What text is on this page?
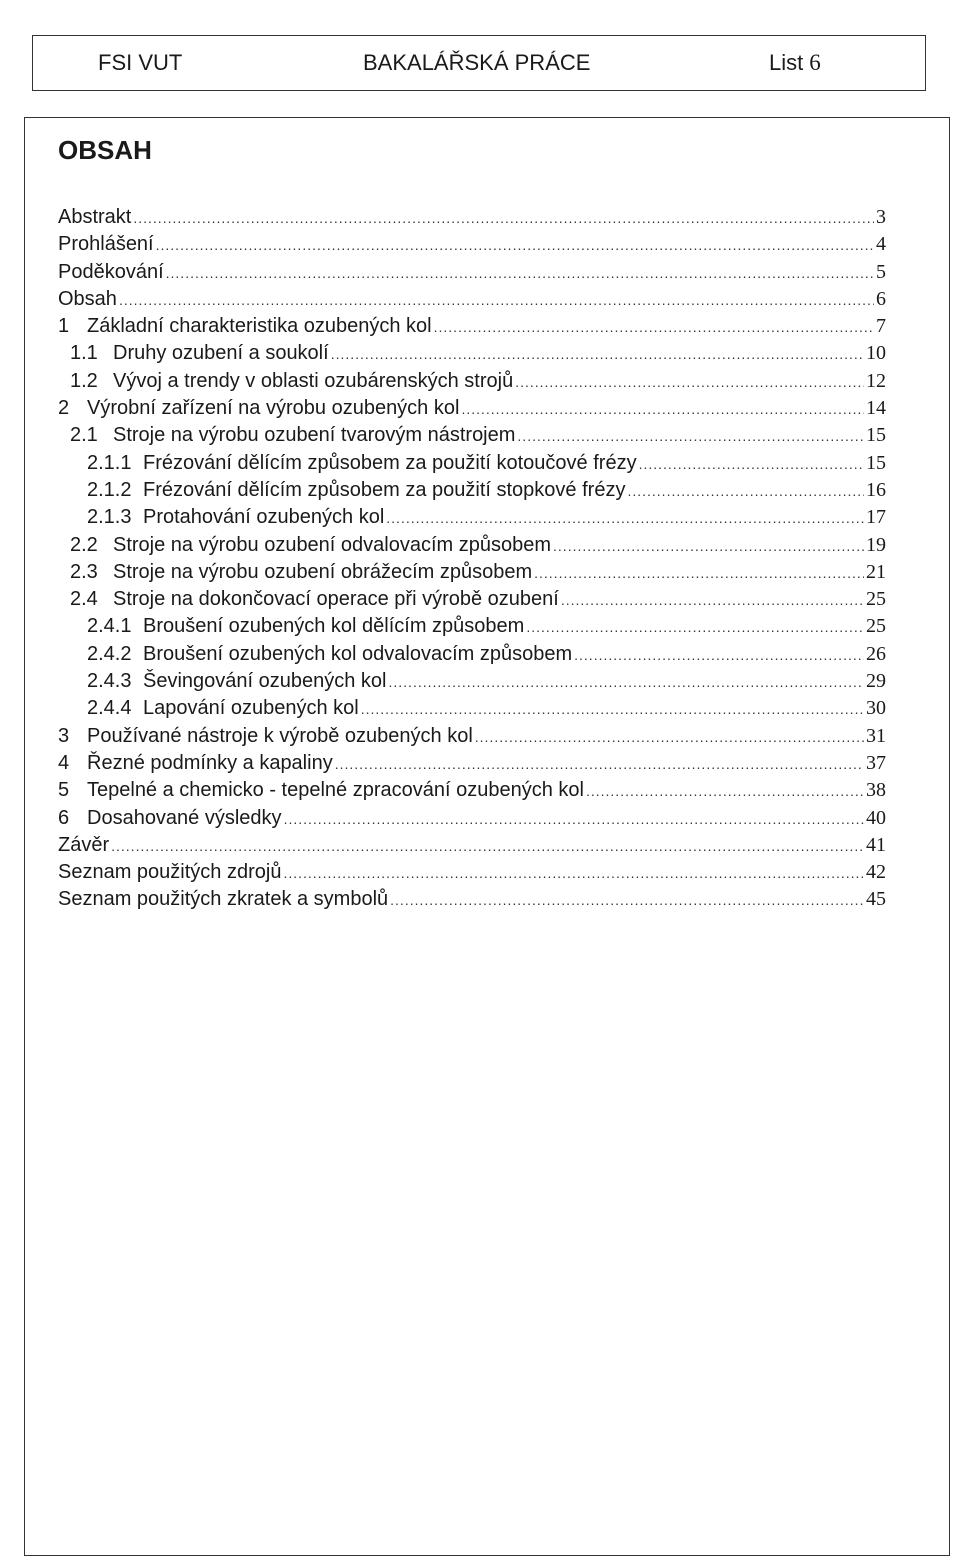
FSI VUT	BAKALÁŘSKÁ PRÁCE	List 6
OBSAH
Abstrakt .....	3
Prohlášení .....	4
Poděkování .....	5
Obsah .....	6
1 Základní charakteristika ozubených kol .....	7
1.1 Druhy ozubení a soukolí .....	10
1.2 Vývoj a trendy v oblasti ozubárenských strojů .....	12
2 Výrobní zařízení na výrobu ozubených kol .....	14
2.1 Stroje na výrobu ozubení tvarovým nástrojem .....	15
2.1.1 Frézování dělícím způsobem za použití kotoučové frézy .....	15
2.1.2 Frézování dělícím způsobem za použití stopkové frézy .....	16
2.1.3 Protahování ozubených kol .....	17
2.2 Stroje na výrobu ozubení odvalovacím způsobem .....	19
2.3 Stroje na výrobu ozubení obrážecím způsobem .....	21
2.4 Stroje na dokončovací operace při výrobě ozubení .....	25
2.4.1 Broušení ozubených kol dělícím způsobem .....	25
2.4.2 Broušení ozubených kol odvalovacím způsobem .....	26
2.4.3 Ševingování ozubených kol .....	29
2.4.4 Lapování ozubených kol .....	30
3 Používané nástroje k výrobě ozubených kol .....	31
4 Řezné podmínky a kapaliny .....	37
5 Tepelné a chemicko - tepelné zpracování ozubených kol .....	38
6 Dosahované výsledky .....	40
Závěr .....	41
Seznam použitých zdrojů .....	42
Seznam použitých zkratek a symbolů .....	45
